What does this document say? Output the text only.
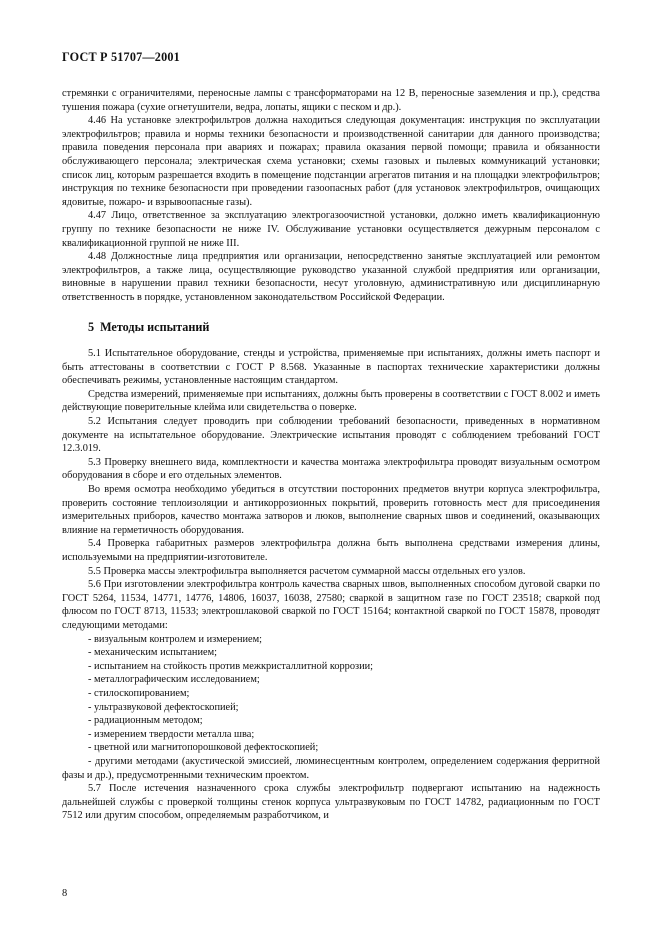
ГОСТ Р 51707—2001

стремянки с ограничителями, переносные лампы с трансформаторами на 12 В, переносные заземления и пр.), средства тушения пожара (сухие огнетушители, ведра, лопаты, ящики с песком и др.).

4.46 На установке электрофильтров должна находиться следующая документация: инструкция по эксплуатации электрофильтров; правила и нормы техники безопасности и производственной санитарии для данного производства; правила поведения персонала при авариях и пожарах; правила оказания первой помощи; правила и обязанности обслуживающего персонала; электрическая схема установки; схемы газовых и пылевых коммуникаций установки; список лиц, которым разрешается входить в помещение подстанции агрегатов питания и на площадки электрофильтров; инструкция по технике безопасности при проведении газоопасных работ (для установок электрофильтров, очищающих ядовитые, пожаро- и взрывоопасные газы).

4.47 Лицо, ответственное за эксплуатацию электрогазоочистной установки, должно иметь квалификационную группу по технике безопасности не ниже IV. Обслуживание установки осуществляется дежурным персоналом с квалификационной группой не ниже III.

4.48 Должностные лица предприятия или организации, непосредственно занятые эксплуатацией или ремонтом электрофильтров, а также лица, осуществляющие руководство указанной службой предприятия или организации, виновные в нарушении правил техники безопасности, несут уголовную, административную или дисциплинарную ответственность в порядке, установленном законодательством Российской Федерации.

5 Методы испытаний

5.1 Испытательное оборудование, стенды и устройства, применяемые при испытаниях, должны иметь паспорт и быть аттестованы в соответствии с ГОСТ Р 8.568. Указанные в паспортах технические характеристики должны обеспечивать режимы, установленные настоящим стандартом.

Средства измерений, применяемые при испытаниях, должны быть проверены в соответствии с ГОСТ 8.002 и иметь действующие поверительные клейма или свидетельства о поверке.

5.2 Испытания следует проводить при соблюдении требований безопасности, приведенных в нормативном документе на испытательное оборудование. Электрические испытания проводят с соблюдением требований ГОСТ 12.3.019.

5.3 Проверку внешнего вида, комплектности и качества монтажа электрофильтра проводят визуальным осмотром оборудования в сборе и его отдельных элементов.

Во время осмотра необходимо убедиться в отсутствии посторонних предметов внутри корпуса электрофильтра, проверить состояние теплоизоляции и антикоррозионных покрытий, проверить готовность мест для присоединения измерительных приборов, качество монтажа затворов и люков, выполнение сварных швов и соединений, оказывающих влияние на герметичность оборудования.

5.4 Проверка габаритных размеров электрофильтра должна быть выполнена средствами измерения длины, используемыми на предприятии-изготовителе.

5.5 Проверка массы электрофильтра выполняется расчетом суммарной массы отдельных его узлов.

5.6 При изготовлении электрофильтра контроль качества сварных швов, выполненных способом дуговой сварки по ГОСТ 5264, 11534, 14771, 14776, 14806, 16037, 16038, 27580; сваркой в защитном газе по ГОСТ 23518; сваркой под флюсом по ГОСТ 8713, 11533; электрошлаковой сваркой по ГОСТ 15164; контактной сваркой по ГОСТ 15878, проводят следующими методами:

- визуальным контролем и измерением;

- механическим испытанием;

- испытанием на стойкость против межкристаллитной коррозии;

- металлографическим исследованием;

- стилоскопированием;

- ультразвуковой дефектоскопией;

- радиационным методом;

- измерением твердости металла шва;

- цветной или магнитопорошковой дефектоскопией;

- другими методами (акустической эмиссией, люминесцентным контролем, определением содержания ферритной фазы и др.), предусмотренными техническим проектом.

5.7 После истечения назначенного срока службы электрофильтр подвергают испытанию на надежность дальнейшей службы с проверкой толщины стенок корпуса ультразвуковым по ГОСТ 14782, радиационным по ГОСТ 7512 или другим способом, определяемым разработчиком, и

8
